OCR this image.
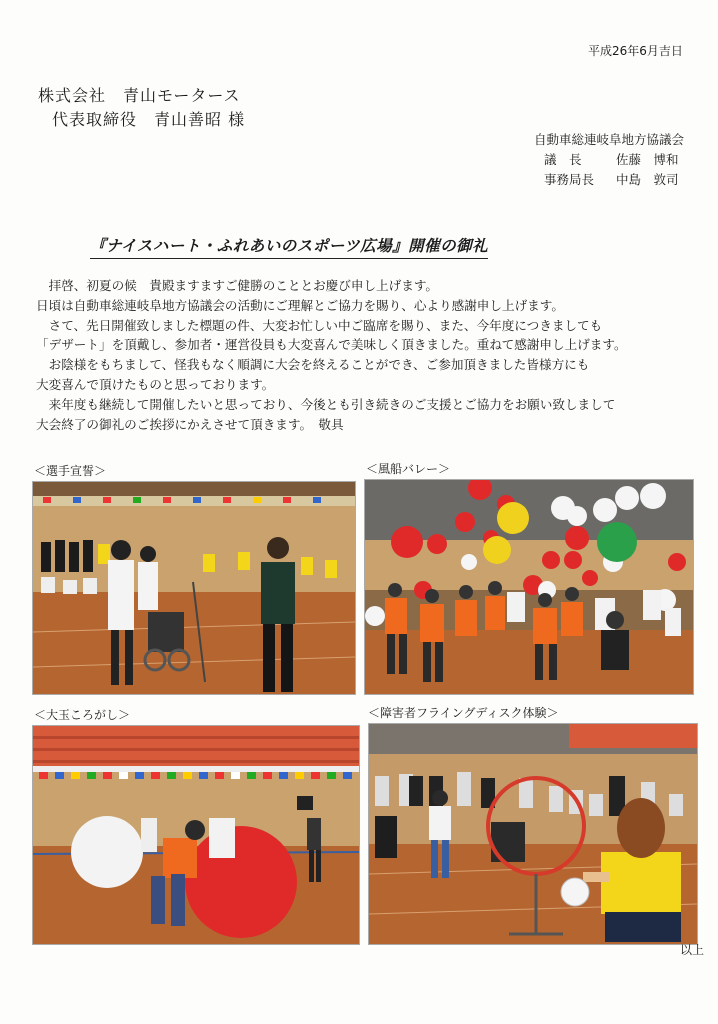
平成26年6月吉日
株式会社　青山モータース
代表取締役　青山善昭 様
自動車総連岐阜地方協議会
議　長	佐藤　博和
事務局長	中島　敦司
『ナイスハート・ふれあいのスポーツ広場』開催の御礼

　拝啓、初夏の候　貴殿ますますご健勝のこととお慶び申し上げます。

日頃は自動車総連岐阜地方協議会の活動にご理解とご協力を賜り、心より感謝申し上げます。

　さて、先日開催致しました標題の件、大変お忙しい中ご臨席を賜り、また、今年度につきましても

「デザート」を頂戴し、参加者・運営役員も大変喜んで美味しく頂きました。重ねて感謝申し上げます。

　お陰様をもちまして、怪我もなく順調に大会を終えることができ、ご参加頂きました皆様方にも

大変喜んで頂けたものと思っております。

　来年度も継続して開催したいと思っており、今後とも引き続きのご支援とご協力をお願い致しまして

大会終了の御礼のご挨拶にかえさせて頂きます。　敬具

＜選手宣誓＞	＜風船バレー＞
＜大玉ころがし＞	＜障害者フライングディスク体験＞
以上
